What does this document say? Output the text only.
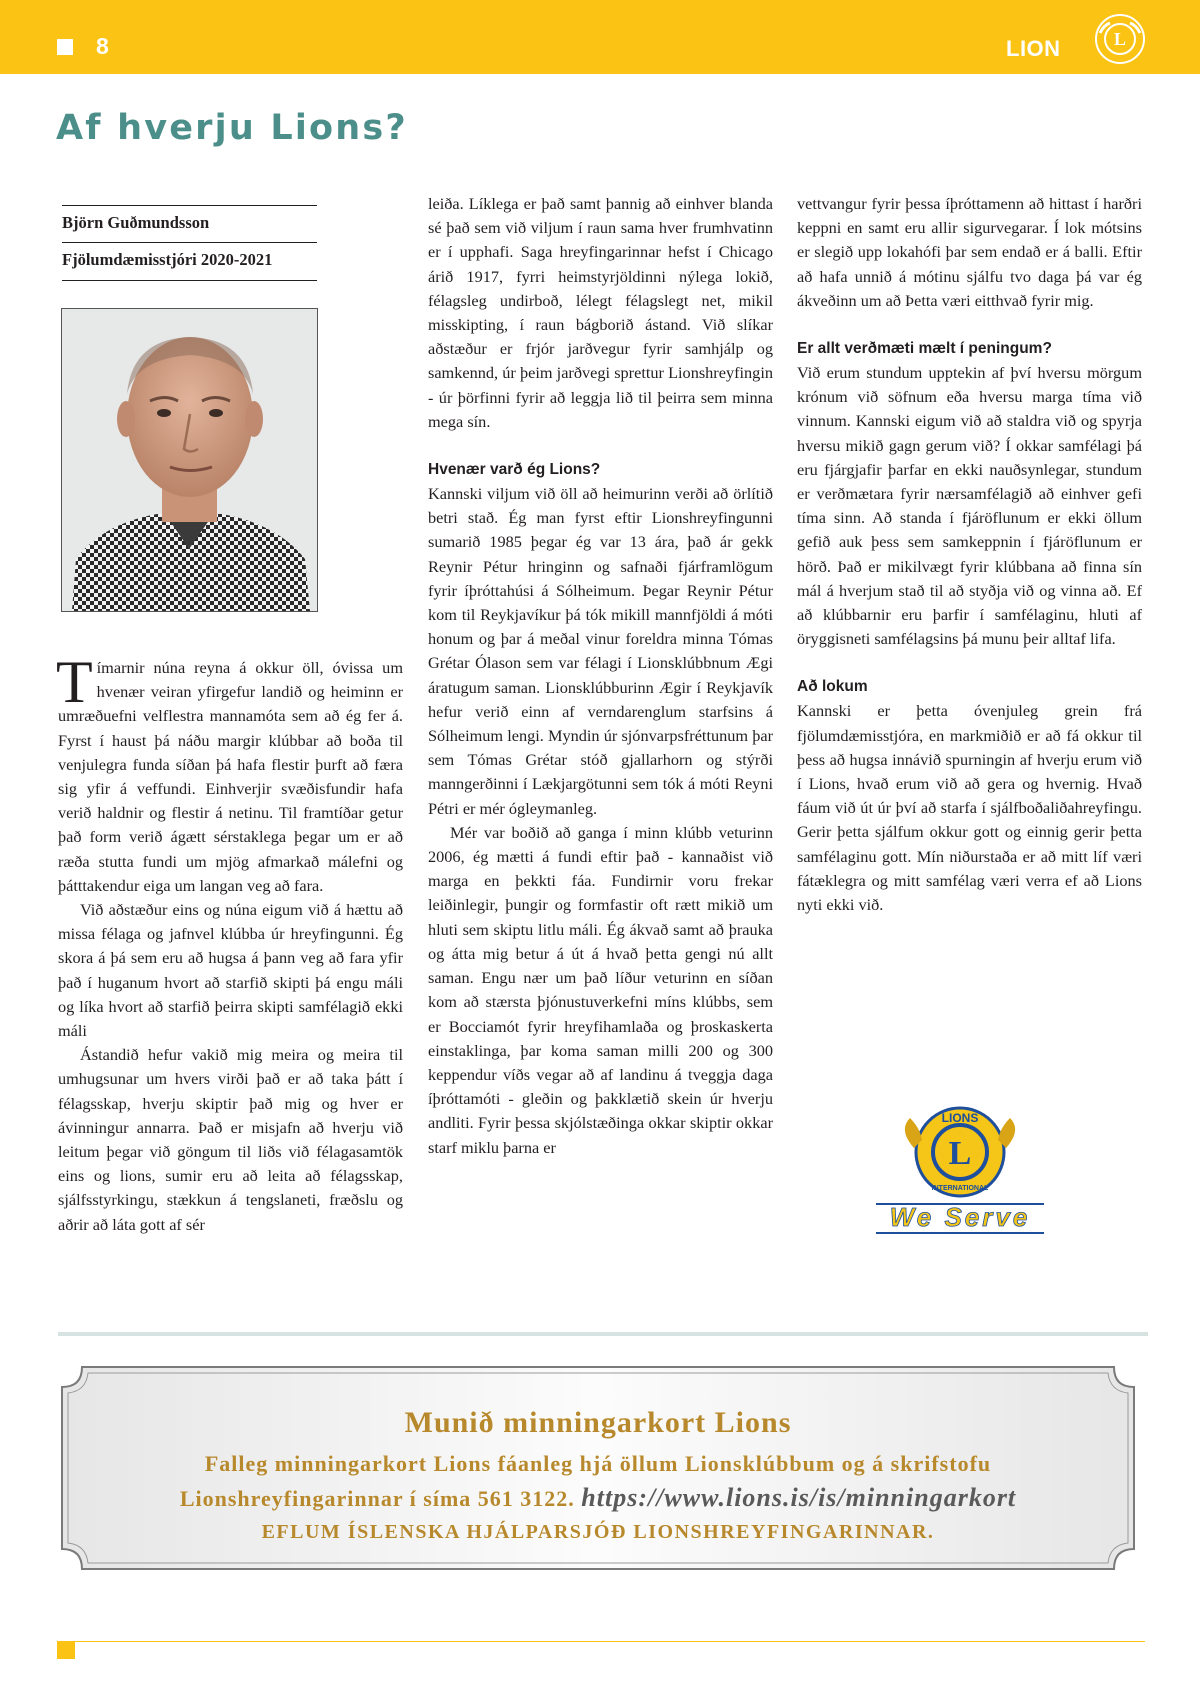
8	LION	L
Af hverju Lions?
Björn Guðmundsson
Fjölumdæmisstjóri 2020-2021

Tímarnir núna reyna á okkur öll, óvissa um hvenær veiran yfirgefur landið og heiminn er umræðuefni velflestra mannamóta sem að ég fer á. Fyrst í haust þá náðu margir klúbbar að boða til venjulegra funda síðan þá hafa flestir þurft að færa sig yfir á veffundi. Einhverjir svæðisfundir hafa verið haldnir og flestir á netinu. Til framtíðar getur það form verið ágætt sérstaklega þegar um er að ræða stutta fundi um mjög afmarkað málefni og þátttakendur eiga um langan veg að fara.

Við aðstæður eins og núna eigum við á hættu að missa félaga og jafnvel klúbba úr hreyfingunni. Ég skora á þá sem eru að hugsa á þann veg að fara yfir það í huganum hvort að starfið skipti þá engu máli og líka hvort að starfið þeirra skipti samfélagið ekki máli

Ástandið hefur vakið mig meira og meira til umhugsunar um hvers virði það er að taka þátt í félagsskap, hverju skiptir það mig og hver er ávinningur annarra. Það er misjafn að hverju við leitum þegar við göngum til liðs við félagasamtök eins og lions, sumir eru að leita að félagsskap, sjálfsstyrkingu, stækkun á tengslaneti, fræðslu og aðrir að láta gott af sér

leiða. Líklega er það samt þannig að einhver blanda sé það sem við viljum í raun sama hver frumhvatinn er í upphafi. Saga hreyfingarinnar hefst í Chicago árið 1917, fyrri heimstyrjöldinni nýlega lokið, félagsleg undirboð, lélegt félagslegt net, mikil misskipting, í raun bágborið ástand. Við slíkar aðstæður er frjór jarðvegur fyrir samhjálp og samkennd, úr þeim jarðvegi sprettur Lionshreyfingin - úr þörfinni fyrir að leggja lið til þeirra sem minna mega sín.

Hvenær varð ég Lions?

Kannski viljum við öll að heimurinn verði að örlítið betri stað. Ég man fyrst eftir Lionshreyfingunni sumarið 1985 þegar ég var 13 ára, það ár gekk Reynir Pétur hringinn og safnaði fjárframlögum fyrir íþróttahúsi á Sólheimum. Þegar Reynir Pétur kom til Reykjavíkur þá tók mikill mannfjöldi á móti honum og þar á meðal vinur foreldra minna Tómas Grétar Ólason sem var félagi í Lionsklúbbnum Ægi áratugum saman. Lionsklúbburinn Ægir í Reykjavík hefur verið einn af verndarenglum starfsins á Sólheimum lengi. Myndin úr sjónvarpsfréttunum þar sem Tómas Grétar stóð gjallarhorn og stýrði manngerðinni í Lækjargötunni sem tók á móti Reyni Pétri er mér ógleymanleg.

Mér var boðið að ganga í minn klúbb veturinn 2006, ég mætti á fundi eftir það - kannaðist við marga en þekkti fáa. Fundirnir voru frekar leiðinlegir, þungir og formfastir oft rætt mikið um hluti sem skiptu litlu máli. Ég ákvað samt að þrauka og átta mig betur á út á hvað þetta gengi nú allt saman. Engu nær um það líður veturinn en síðan kom að stærsta þjónustuverkefni míns klúbbs, sem er Bocciamót fyrir hreyfihamlaða og þroskaskerta einstaklinga, þar koma saman milli 200 og 300 keppendur víðs vegar að af landinu á tveggja daga íþróttamóti - gleðin og þakklætið skein úr hverju andliti. Fyrir þessa skjólstæðinga okkar skiptir okkar starf miklu þarna er

vettvangur fyrir þessa íþróttamenn að hittast í harðri keppni en samt eru allir sigurvegarar. Í lok mótsins er slegið upp lokahófi þar sem endað er á balli. Eftir að hafa unnið á mótinu sjálfu tvo daga þá var ég ákveðinn um að Þetta væri eitthvað fyrir mig.

Er allt verðmæti mælt í peningum?

Við erum stundum upptekin af því hversu mörgum krónum við söfnum eða hversu marga tíma við vinnum. Kannski eigum við að staldra við og spyrja hversu mikið gagn gerum við? Í okkar samfélagi þá eru fjárgjafir þarfar en ekki nauðsynlegar, stundum er verðmætara fyrir nærsamfélagið að einhver gefi tíma sinn. Að standa í fjáröflunum er ekki öllum gefið auk þess sem samkeppnin í fjáröflunum er hörð. Það er mikilvægt fyrir klúbbana að finna sín mál á hverjum stað til að styðja við og vinna að. Ef að klúbbarnir eru þarfir í samfélaginu, hluti af öryggisneti samfélagsins þá munu þeir alltaf lifa.

Að lokum

Kannski er þetta óvenjuleg grein frá fjölumdæmisstjóra, en markmiðið er að fá okkur til þess að hugsa innávið spurningin af hverju erum við í Lions, hvað erum við að gera og hvernig. Hvað fáum við út úr því að starfa í sjálfboðaliðahreyfingu. Gerir þetta sjálfum okkur gott og einnig gerir þetta samfélaginu gott. Mín niðurstaða er að mitt líf væri fátæklegra og mitt samfélag væri verra ef að Lions nyti ekki við.

L
LIONS
INTERNATIONAL
We Serve
Munið minningarkort Lions
Falleg minningarkort Lions fáanleg hjá öllum Lionsklúbbum og á skrifstofu
Lionshreyfingarinnar í síma 561 3122. https://www.lions.is/is/minningarkort
EFLUM ÍSLENSKA HJÁLPARSJÓÐ LIONSHREYFINGARINNAR.
